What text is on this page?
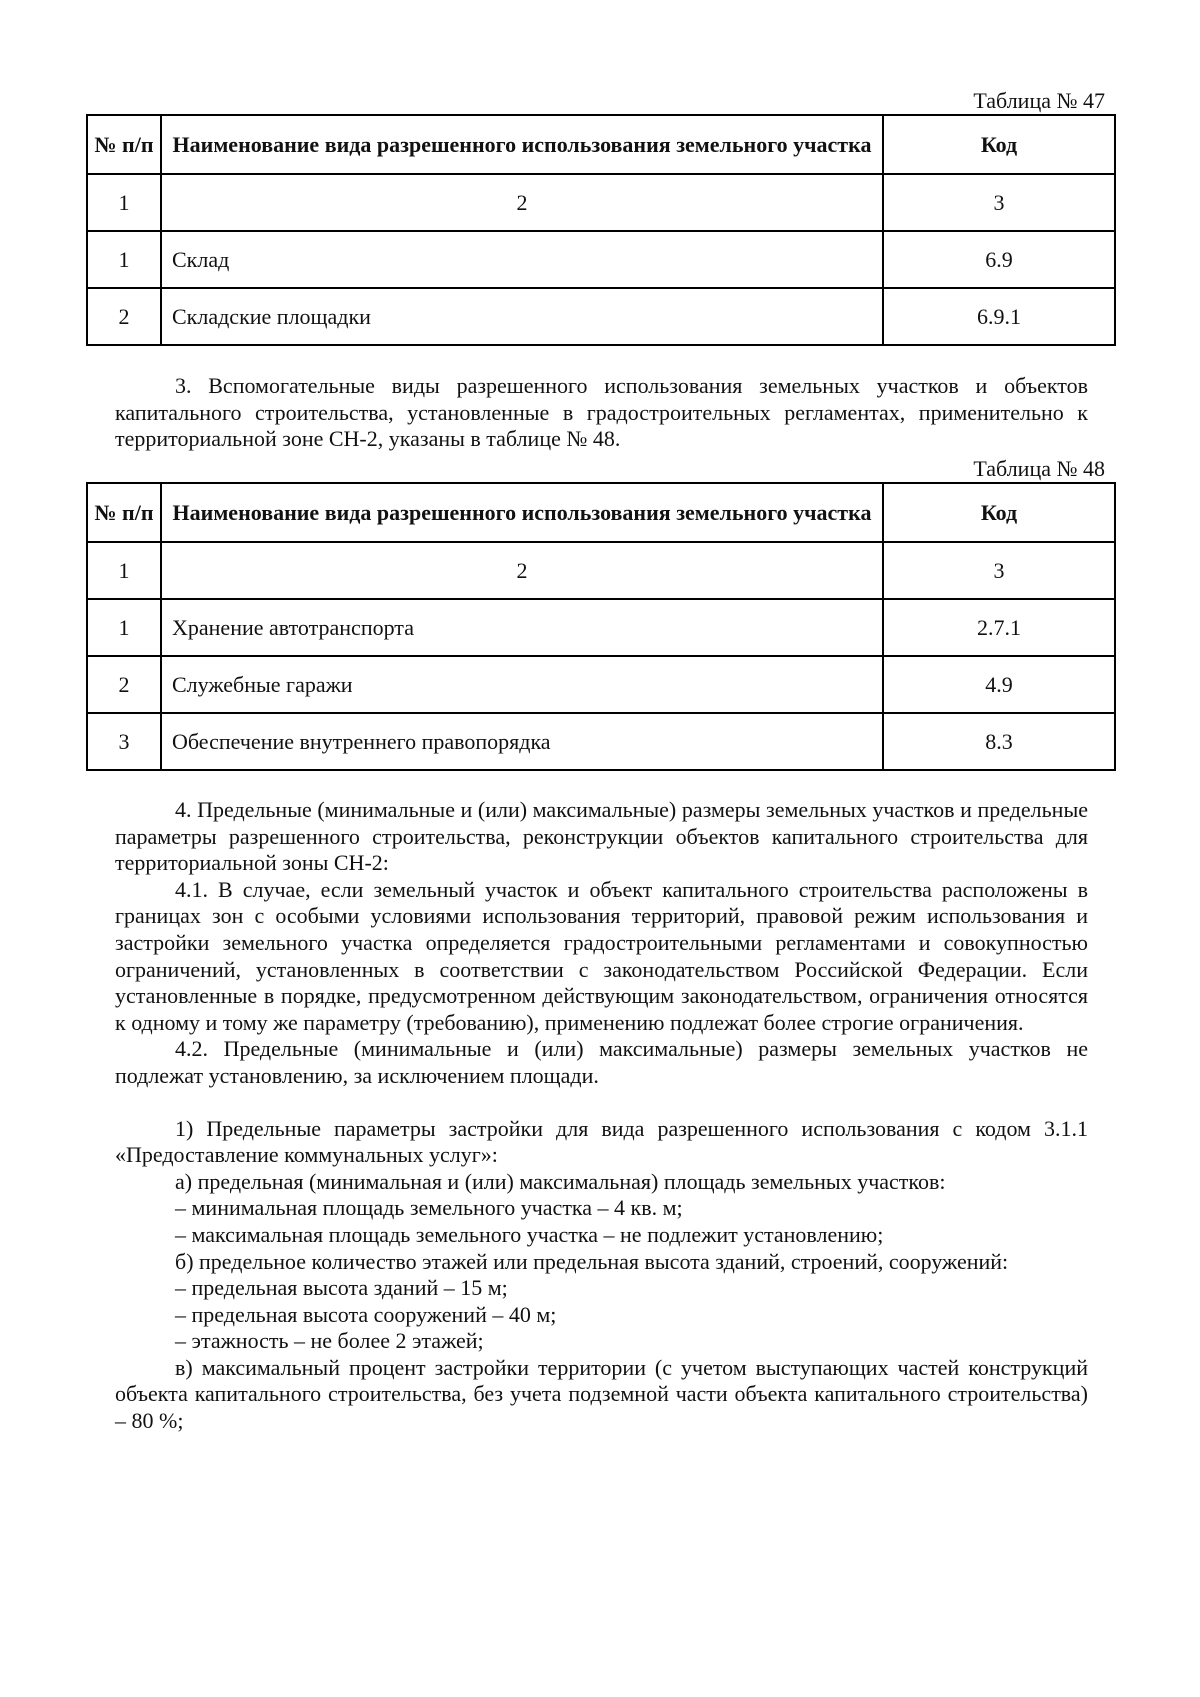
Таблица № 47
№ п/п	Наименование вида разрешенного использования земельного участка	Код
1	2	3
1	Склад	6.9
2	Складские площадки	6.9.1

3. Вспомогательные виды разрешенного использования земельных участков и объектов капитального строительства, установленные в градостроительных регламентах, применительно к территориальной зоне СН-2, указаны в таблице № 48.

Таблица № 48
№ п/п	Наименование вида разрешенного использования земельного участка	Код
1	2	3
1	Хранение автотранспорта	2.7.1
2	Служебные гаражи	4.9
3	Обеспечение внутреннего правопорядка	8.3

4. Предельные (минимальные и (или) максимальные) размеры земельных участков и предельные параметры разрешенного строительства, реконструкции объектов капитального строительства для территориальной зоны СН-2:

4.1. В случае, если земельный участок и объект капитального строительства расположены в границах зон с особыми условиями использования территорий, правовой режим использования и застройки земельного участка определяется градостроительными регламентами и совокупностью ограничений, установленных в соответствии с законодательством Российской Федерации. Если установленные в порядке, предусмотренном действующим законодательством, ограничения относятся к одному и тому же параметру (требованию), применению подлежат более строгие ограничения.

4.2. Предельные (минимальные и (или) максимальные) размеры земельных участков не подлежат установлению, за исключением площади.

1) Предельные параметры застройки для вида разрешенного использования с кодом 3.1.1 «Предоставление коммунальных услуг»:

а) предельная (минимальная и (или) максимальная) площадь земельных участков:

– минимальная площадь земельного участка – 4 кв. м;

– максимальная площадь земельного участка – не подлежит установлению;

б) предельное количество этажей или предельная высота зданий, строений, сооружений:

– предельная высота зданий – 15 м;

– предельная высота сооружений – 40 м;

– этажность – не более 2 этажей;

в) максимальный процент застройки территории (с учетом выступающих частей конструкций объекта капитального строительства, без учета подземной части объекта капитального строительства) – 80 %;
